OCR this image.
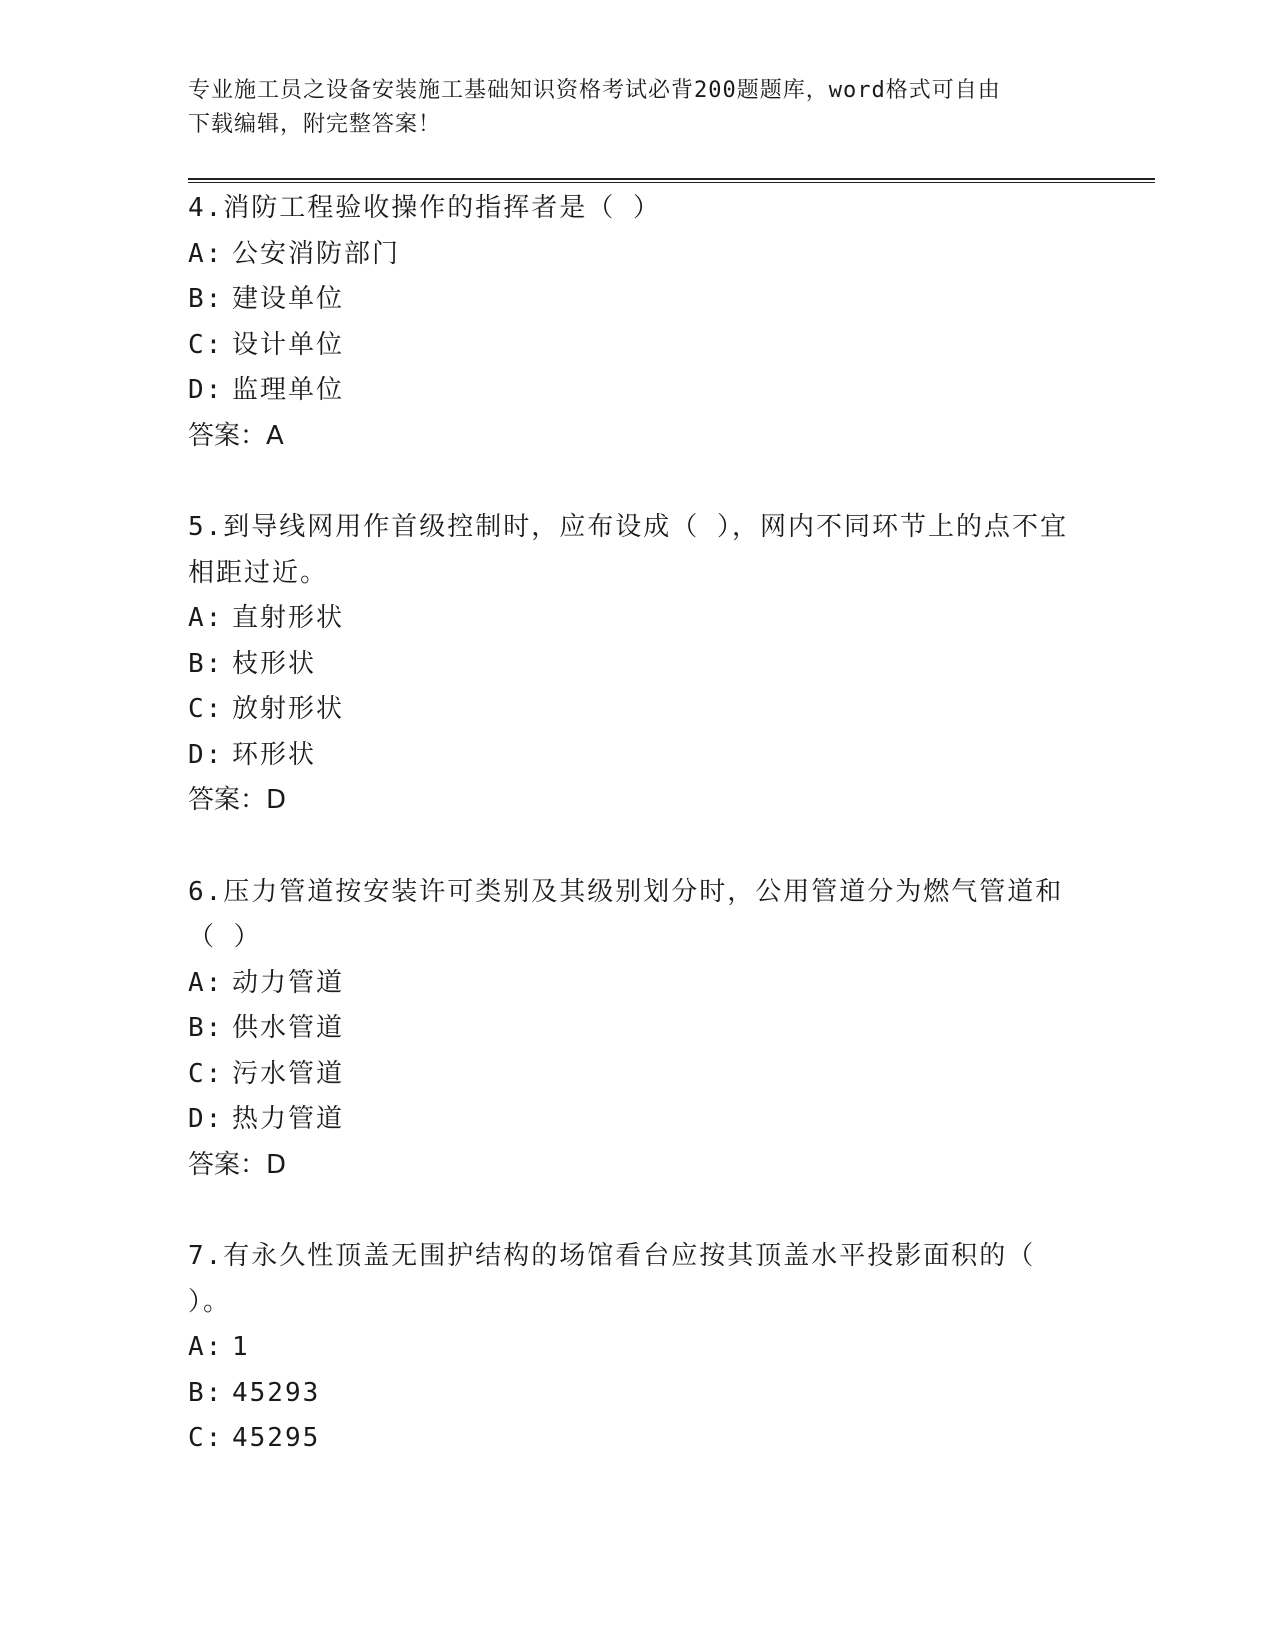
专业施工员之设备安装施工基础知识资格考试必背200题题库，word格式可自由
下载编辑，附完整答案！
4.消防工程验收操作的指挥者是（ ）
A: 公安消防部门
B: 建设单位
C: 设计单位
D: 监理单位
答案：A
5.到导线网用作首级控制时，应布设成（ ），网内不同环节上的点不宜相距过近。
A: 直射形状
B: 枝形状
C: 放射形状
D: 环形状
答案：D
6.压力管道按安装许可类别及其级别划分时，公用管道分为燃气管道和（ ）
A: 动力管道
B: 供水管道
C: 污水管道
D: 热力管道
答案：D
7.有永久性顶盖无围护结构的场馆看台应按其顶盖水平投影面积的（ ）。
A: 1
B: 45293
C: 45295
